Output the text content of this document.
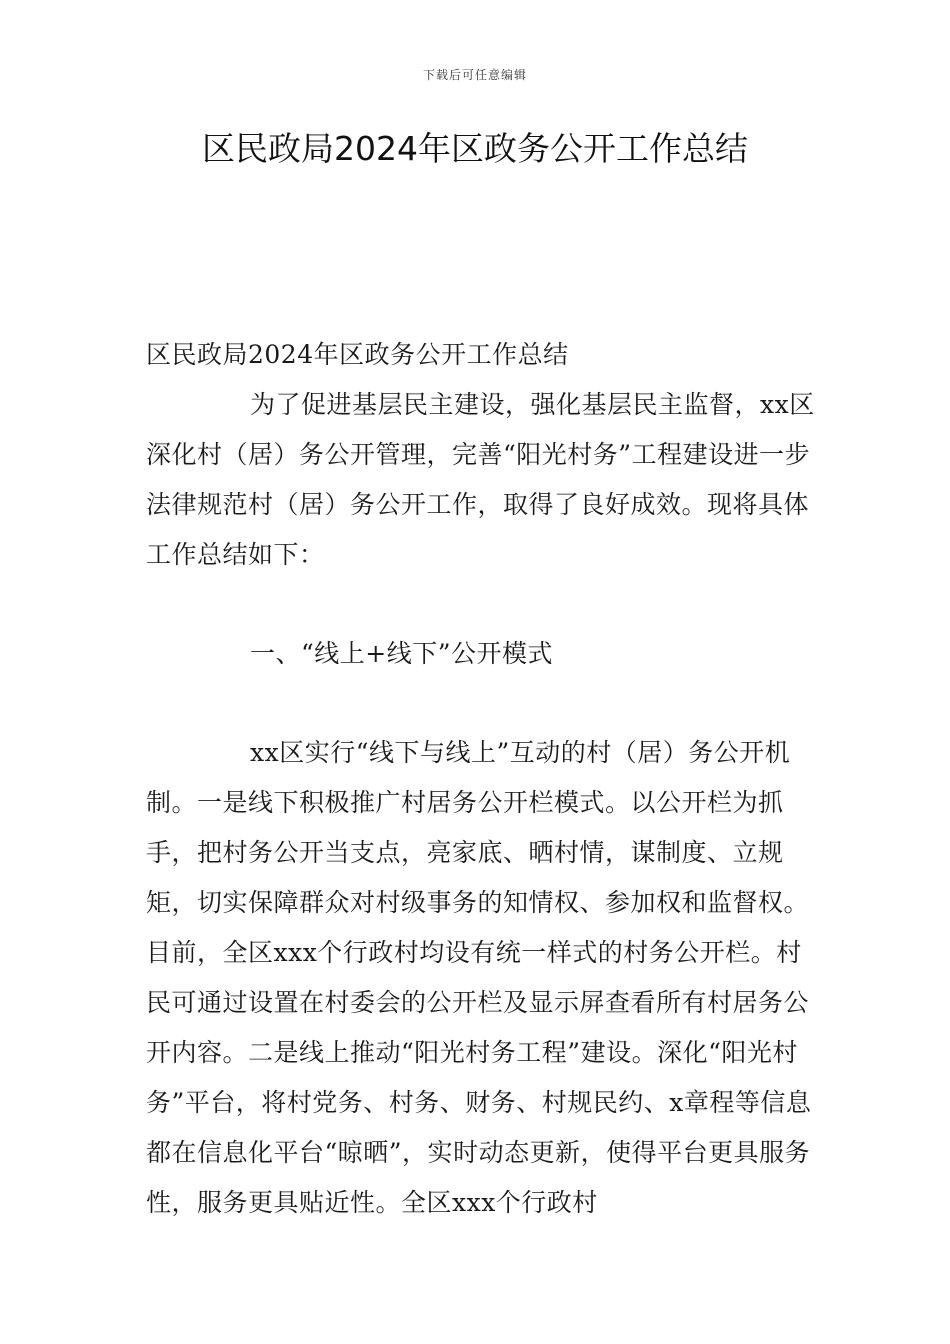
下载后可任意编辑
区民政局2024年区政务公开工作总结

区民政局2024年区政务公开工作总结

为了促进基层民主建设，强化基层民主监督，xx区深化村（居）务公开管理，完善“阳光村务”工程建设进一步法律规范村（居）务公开工作，取得了良好成效。现将具体工作总结如下：

一、“线上+线下”公开模式

xx区实行“线下与线上”互动的村（居）务公开机制。一是线下积极推广村居务公开栏模式。以公开栏为抓手，把村务公开当支点，亮家底、晒村情，谋制度、立规矩，切实保障群众对村级事务的知情权、参加权和监督权。目前，全区xxx个行政村均设有统一样式的村务公开栏。村民可通过设置在村委会的公开栏及显示屏查看所有村居务公开内容。二是线上推动“阳光村务工程”建设。深化“阳光村务”平台，将村党务、村务、财务、村规民约、x章程等信息都在信息化平台“晾晒”，实时动态更新，使得平台更具服务性，服务更具贴近性。全区xxx个行政村
